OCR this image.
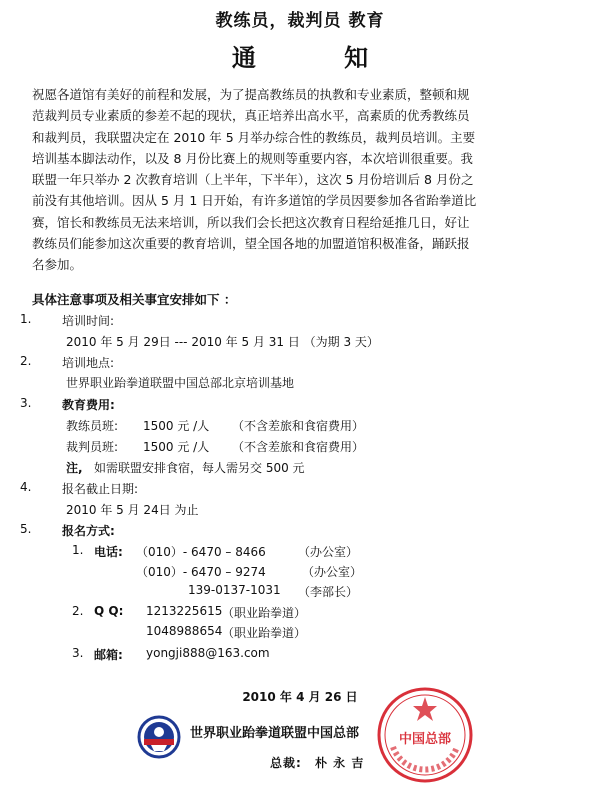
教练员，裁判员 教育
通 知

祝愿各道馆有美好的前程和发展，为了提高教练员的执教和专业素质，整顿和规

范裁判员专业素质的参差不起的现状，真正培养出高水平，高素质的优秀教练员

和裁判员，我联盟决定在 2010 年 5 月举办综合性的教练员，裁判员培训。主要

培训基本脚法动作，以及 8 月份比赛上的规则等重要内容，本次培训很重要。我

联盟一年只举办 2 次教育培训（上半年，下半年），这次 5 月份培训后 8 月份之

前没有其他培训。因从 5 月 1 日开始，有许多道馆的学员因要参加各省跆拳道比

赛，馆长和教练员无法来培训，所以我们会长把这次教育日程给延推几日，好让

教练员们能参加这次重要的教育培训，望全国各地的加盟道馆积极准备，踊跃报

名参加。

具体注意事项及相关事宜安排如下 ：
1.	培训时间:
2010 年 5 月 29日 --- 2010 年 5 月 31 日 （为期 3 天）
2.	培训地点:
世界职业跆拳道联盟中国总部北京培训基地
3.	教育费用:
教练员班: 1500 元 /人 （不含差旅和食宿费用）
裁判员班: 1500 元 /人 （不含差旅和食宿费用）
注, 如需联盟安排食宿，每人需另交 500 元
4.	报名截止日期:
2010 年 5 月 24日 为止
5.	报名方式:
1. 电话: （010）- 6470 – 8466	（办公室）
（010）- 6470 – 9274	（办公室）
139-0137-1031 （李部长）
2. Q Q: 1213225615 （职业跆拳道）
1048988654 （职业跆拳道）
3. 邮箱: yongji888@163.com
2010 年 4 月 26 日
世界职业跆拳道联盟中国总部
总裁: 朴 永 吉
中国总部
